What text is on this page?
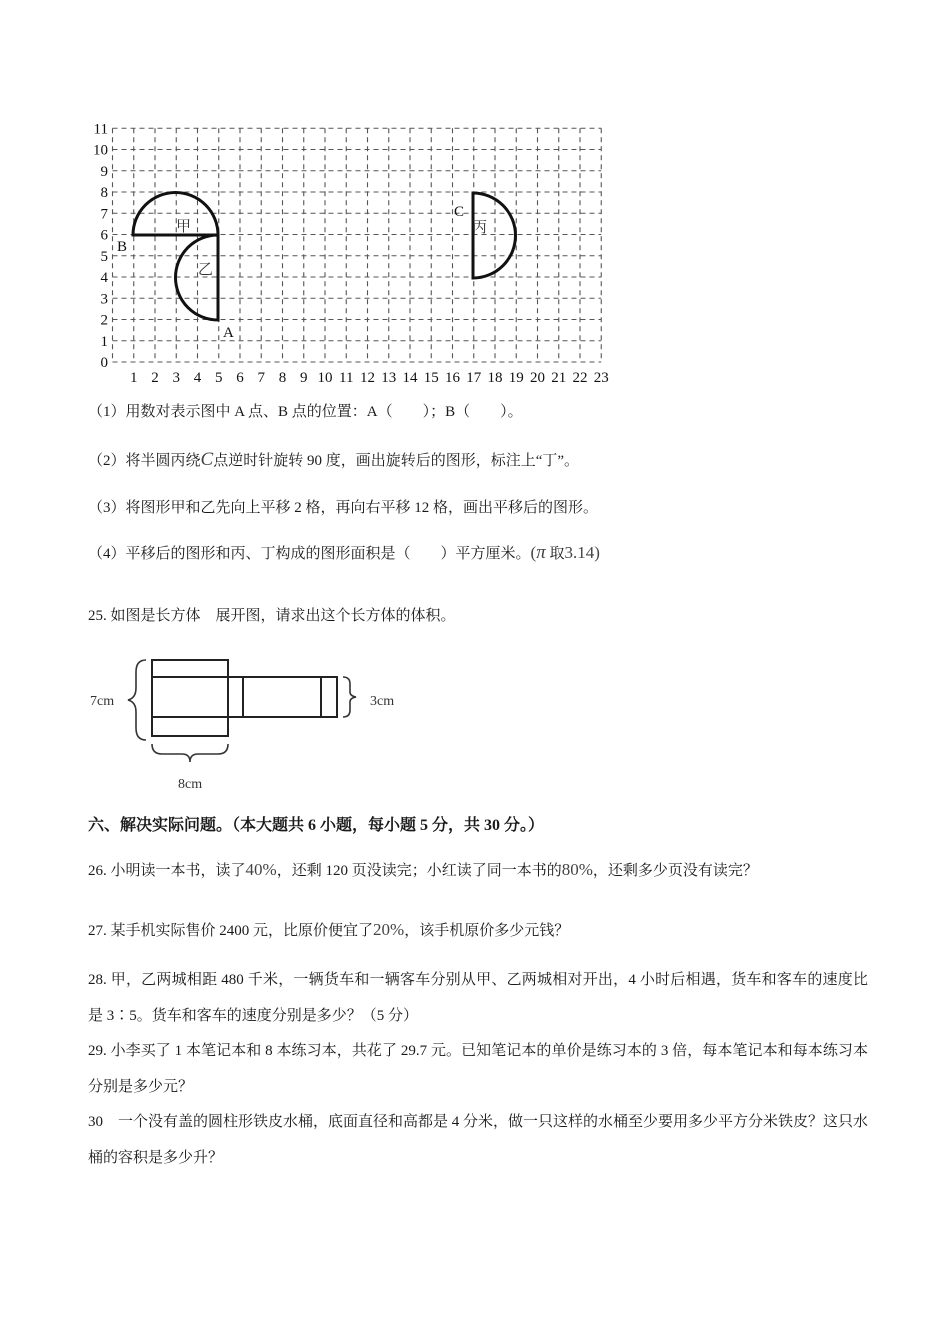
0
1
2
3
4
5
6
7
8
9
10
11
1 2 3 4 5 6 7 8 9 10 11 12 13 14 15 16 17 18 19 20 21 22 23
甲
乙
丙
A
B
C
（1）用数对表示图中 A 点、B 点的位置：A（　　）；B（　　）。
（2）将半圆丙绕C点逆时针旋转 90 度，画出旋转后的图形，标注上“丁”。
（3）将图形甲和乙先向上平移 2 格，再向右平移 12 格，画出平移后的图形。
（4）平移后的图形和丙、丁构成的图形面积是（　　）平方厘米。(π 取3.14)
25. 如图是长方体　展开图，请求出这个长方体的体积。
7cm	3cm
8cm
六、解决实际问题。（本大题共 6 小题，每小题 5 分，共 30 分。）
26. 小明读一本书，读了40%，还剩 120 页没读完；小红读了同一本书的80%，还剩多少页没有读完？
27. 某手机实际售价 2400 元，比原价便宜了20%，该手机原价多少元钱？
28. 甲，乙两城相距 480 千米，一辆货车和一辆客车分别从甲、乙两城相对开出，4 小时后相遇，货车和客车的速度比是 3∶5。货车和客车的速度分别是多少？（5 分）
29. 小李买了 1 本笔记本和 8 本练习本，共花了 29.7 元。已知笔记本的单价是练习本的 3 倍，每本笔记本和每本练习本分别是多少元？
30　一个没有盖的圆柱形铁皮水桶，底面直径和高都是 4 分米，做一只这样的水桶至少要用多少平方分米铁皮？这只水桶的容积是多少升？
